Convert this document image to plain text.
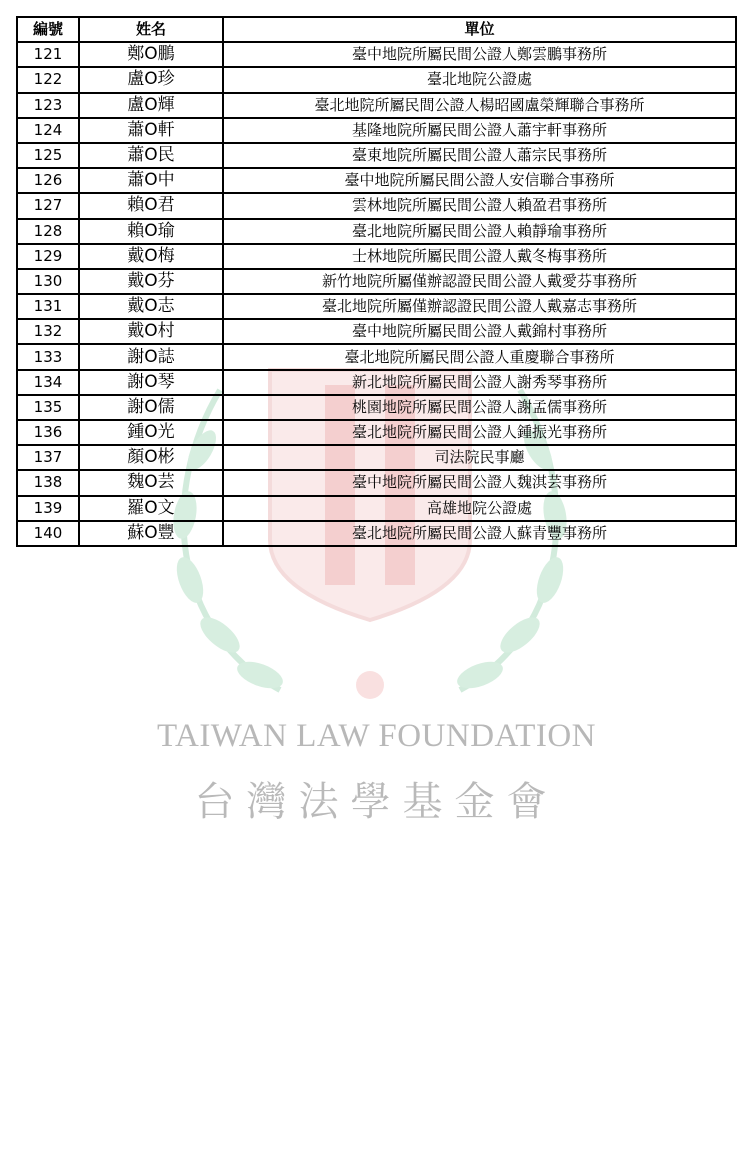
TAIWAN LAW FOUNDATION
台灣法學基金會
編號	姓名	單位
121	鄭O鵬	臺中地院所屬民間公證人鄭雲鵬事務所
122	盧O珍	臺北地院公證處
123	盧O輝	臺北地院所屬民間公證人楊昭國盧榮輝聯合事務所
124	蕭O軒	基隆地院所屬民間公證人蕭宇軒事務所
125	蕭O民	臺東地院所屬民間公證人蕭宗民事務所
126	蕭O中	臺中地院所屬民間公證人安信聯合事務所
127	賴O君	雲林地院所屬民間公證人賴盈君事務所
128	賴O瑜	臺北地院所屬民間公證人賴靜瑜事務所
129	戴O梅	士林地院所屬民間公證人戴冬梅事務所
130	戴O芬	新竹地院所屬僅辦認證民間公證人戴愛芬事務所
131	戴O志	臺北地院所屬僅辦認證民間公證人戴嘉志事務所
132	戴O村	臺中地院所屬民間公證人戴錦村事務所
133	謝O誌	臺北地院所屬民間公證人重慶聯合事務所
134	謝O琴	新北地院所屬民間公證人謝秀琴事務所
135	謝O儒	桃園地院所屬民間公證人謝孟儒事務所
136	鍾O光	臺北地院所屬民間公證人鍾振光事務所
137	顏O彬	司法院民事廳
138	魏O芸	臺中地院所屬民間公證人魏淇芸事務所
139	羅O文	高雄地院公證處
140	蘇O豐	臺北地院所屬民間公證人蘇青豐事務所
